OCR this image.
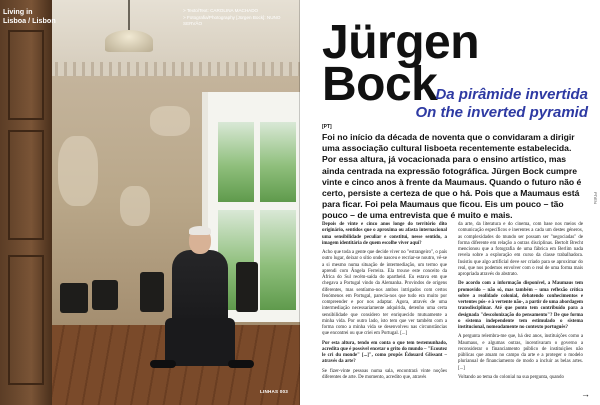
Living in
Lisboa / Lisbon
> Texto/Text: CAROLINA MACHADO
> Fotografia/Photography [Jürgen Bock]: NUNO SERVÃO
LINHAS 003
Jürgen
Bock
Da pirâmide invertida
On the inverted pyramid
[PT]
Foi no início da década de noventa que o convidaram a dirigir uma associação cultural lisboeta recentemente estabelecida. Por essa altura, já vocacionada para o ensino artístico, mas ainda centrada na expressão fotográfica. Jürgen Bock cumpre vinte e cinco anos à frente da Maumaus. Quando o futuro não é certo, persiste a certeza de que o há. Pois que a Maumaus está para ficar. Foi pela Maumaus que ficou. Eis um pouco – tão pouco – de uma entrevista que é muito e mais.

Depois de vinte e cinco anos longe do território dito originário, sentidos que o aproxima ou afasta internacional uma sensibilidade peculiar e constitui, nesse sentido, a imagem identitária de quem escolhe viver aqui?

Acho que toda a gente que decide viver no "estrangeiro", o país outro lugar, deixar o sítio onde nasceu e recriar-se noutro, vê-se a si mesmo numa situação de intermediação, um termo que aprendi com Ângela Ferreira. Ela trouxe este conceito da África do Sul recém-saída do apartheid. Eu estava em que chegava a Portugal vindo da Alemanha. Provindos de origens diferentes, mas sentíamo-nos ambos intrigados com certos fenómenos em Portugal, parecia-nos que tudo era muito por compreender e por nos adaptar. Agora, através de uma intermediação necessariamente adquirida, detenho uma certa sensibilidade que considero ter enriquecido mutuamente a minha vida. Por outro lado, isto tem que ver também com a forma como a minha vida se desenvolveu nas circunstâncias que encontrei ou que criei em Portugal. [...]

Por esta altura, tendo em conta o que tem testemunhado, acredita que é possível encetar o grito do mundo – "Ecoutez le cri du monde" [...]", como propôs Édouard Glissant – através da arte?

Se fizer-vinte pessoas numa sala, encontrará vinte noções diferentes de arte. De momento, acredito que, através

da arte, da literatura e do cinema, com base nos meios de comunicação específicos e inerentes a cada um destes géneros, as complexidades do mundo ser possam ser "negociadas" de forma diferente em relação a outras disciplinas. Bertolt Brecht mencionou que a fotografia de uma fábrica em Berlim nada revela sobre a exploração em curso da classe trabalhadora. Insistiu que algo artificial deve ser criado para se aproximar do real, que nos podemos envolver com o real de uma forma mais apropriada através do abstrato.

De acordo com a informação disponível, a Maumaus tem promovido – não só, mas também – uma reflexão crítica sobre a realidade colonial, debatendo conhecimentos e vertentes pós- e à vertente não-, a partir de uma abordagem transdisciplinar. Até que ponto tem contribuído para a designada "descolonização do pensamento"? De que forma o sistema independente tem estimulado o sistema institucional, nomeadamente no contexto português?

A pergunta relembra-me que, há dez anos, instituições como a Maumaus, e algumas outras, incentivaram o governo a reconsiderar o financiamento público de instituições não públicas que atuam no campo da arte e a proteger o modelo plurianual de financiamento de modo a incluir as belas artes. [...]

Voltando ao tema do colonial na sua pergunta, quando

PT/EN
→
